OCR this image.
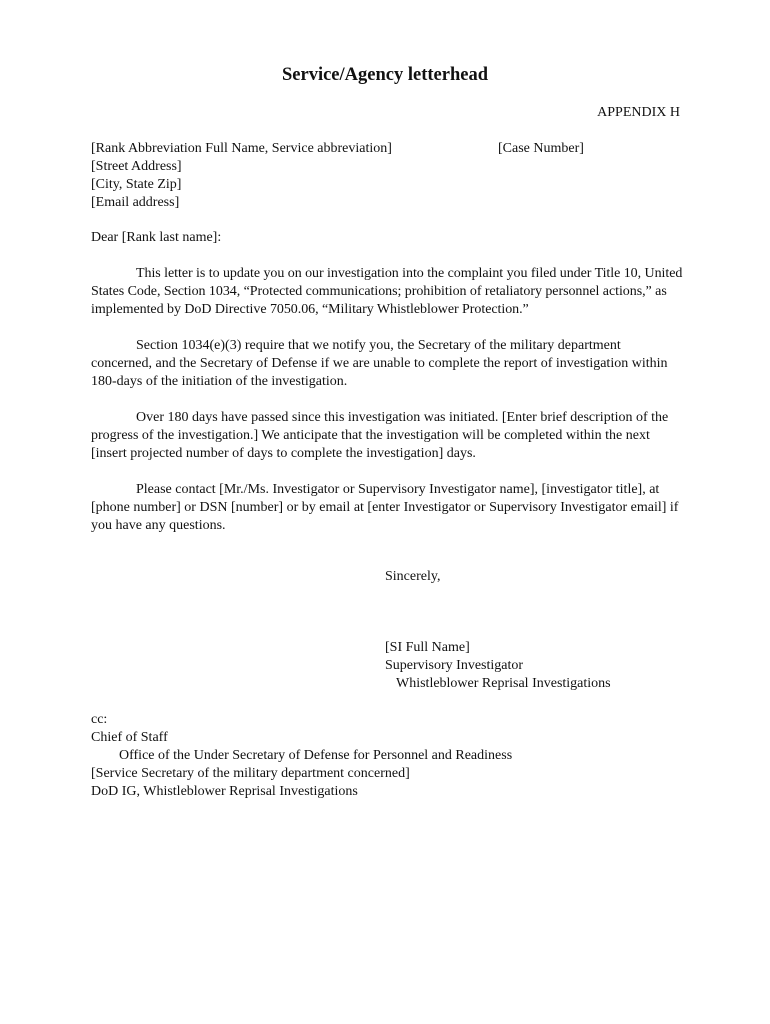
Service/Agency letterhead
APPENDIX H
[Rank Abbreviation Full Name, Service abbreviation]
[Street Address]
[City, State Zip]
[Email address]
[Case Number]
Dear [Rank last name]:

This letter is to update you on our investigation into the complaint you filed under Title 10, United States Code, Section 1034, “Protected communications; prohibition of retaliatory personnel actions,” as implemented by DoD Directive 7050.06, “Military Whistleblower Protection.”

Section 1034(e)(3) require that we notify you, the Secretary of the military department concerned, and the Secretary of Defense if we are unable to complete the report of investigation within 180-days of the initiation of the investigation.

Over 180 days have passed since this investigation was initiated. [Enter brief description of the progress of the investigation.] We anticipate that the investigation will be completed within the next [insert projected number of days to complete the investigation] days.

Please contact [Mr./Ms. Investigator or Supervisory Investigator name], [investigator title], at [phone number] or DSN [number] or by email at [enter Investigator or Supervisory Investigator email] if you have any questions.

Sincerely,
[SI Full Name]
Supervisory Investigator
Whistleblower Reprisal Investigations
cc:
Chief of Staff
Office of the Under Secretary of Defense for Personnel and Readiness
[Service Secretary of the military department concerned]
DoD IG, Whistleblower Reprisal Investigations
